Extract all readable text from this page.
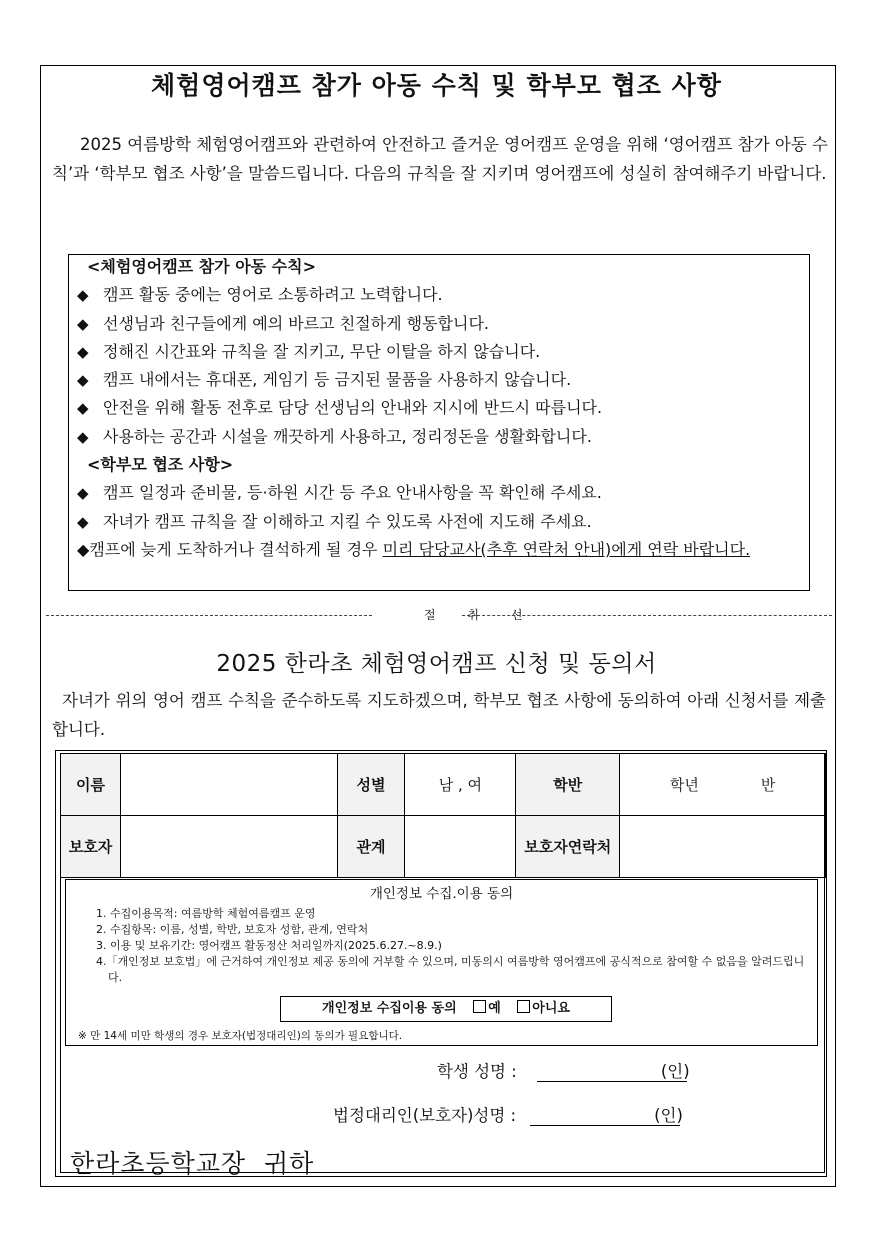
체험영어캠프 참가 아동 수칙 및 학부모 협조 사항
2025 여름방학 체험영어캠프와 관련하여 안전하고 즐거운 영어캠프 운영을 위해 ‘영어캠프 참가 아동 수칙’과 ‘학부모 협조 사항’을 말씀드립니다. 다음의 규칙을 잘 지키며 영어캠프에 성실히 참여해주기 바랍니다.
<체험영어캠프 참가 아동 수칙>
◆ 캠프 활동 중에는 영어로 소통하려고 노력합니다.
◆ 선생님과 친구들에게 예의 바르고 친절하게 행동합니다.
◆ 정해진 시간표와 규칙을 잘 지키고, 무단 이탈을 하지 않습니다.
◆ 캠프 내에서는 휴대폰, 게임기 등 금지된 물품을 사용하지 않습니다.
◆ 안전을 위해 활동 전후로 담당 선생님의 안내와 지시에 반드시 따릅니다.
◆ 사용하는 공간과 시설을 깨끗하게 사용하고, 정리정돈을 생활화합니다.
<학부모 협조 사항>
◆ 캠프 일정과 준비물, 등·하원 시간 등 주요 안내사항을 꼭 확인해 주세요.
◆ 자녀가 캠프 규칙을 잘 이해하고 지킬 수 있도록 사전에 지도해 주세요.
◆캠프에 늦게 도착하거나 결석하게 될 경우 미리 담당교사(추후 연락처 안내)에게 연락 바랍니다.
절 취 선
2025 한라초 체험영어캠프 신청 및 동의서
자녀가 위의 영어 캠프 수칙을 준수하도록 지도하겠으며, 학부모 협조 사항에 동의하여 아래 신청서를 제출합니다.
이름		성별	남 , 여	학반	학년 반
보호자		관계		보호자연락처	
개인정보 수집.이용 동의
1. 수집이용목적: 여름방학 체험여름캠프 운영
2. 수집항목: 이름, 성별, 학반, 보호자 성함, 관계, 연락처
3. 이용 및 보유기간: 영어캠프 활동정산 처리일까지(2025.6.27.~8.9.)
4.「개인정보 보호법」에 근거하여 개인정보 제공 동의에 거부할 수 있으며, 미동의시 여름방학 영어캠프에 공식적으로 참여할 수 없음을 알려드립니다.
개인정보 수집이용 동의 예 아니요
※ 만 14세 미만 학생의 경우 보호자(법정대리인)의 동의가 필요합니다.
학생 성명 :	(인)
법정대리인(보호자)성명 :	(인)
한라초등학교장  귀하
